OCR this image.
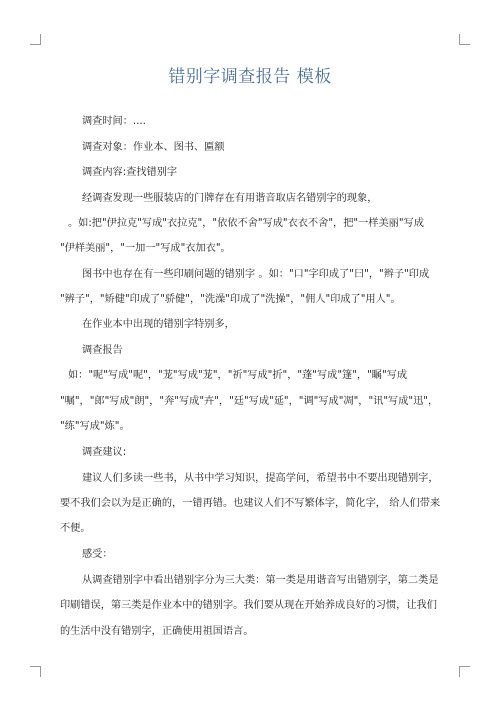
错别字调查报告 模板
调查时间：....
调查对象：作业本、图书、匾额
调查内容:查找错别字
经调查发现一些服装店的门牌存在有用谐音取店名错别字的现象，
。如:把"伊拉克"写成"衣拉克"，"依依不舍"写成"衣衣不舍"，把"一样美丽"写成
"伊样美丽"，"一加一"写成"衣加衣"。
图书中也存在有一些印刷问题的错别字 。如："口"字印成了"曰"，"辫子"印成
"辨子"，"矫健"印成了"骄健"，"洗澡"印成了"洗操"，"佣人"印成了"用人"。
在作业本中出现的错别字特别多，
调查报告
如："呢"写成"呢"，"茏"写成"茏"，"祈"写成"折"，"蓬"写成"篷"，"瞩"写成
"嘱"，"郎"写成"朗"，"奔"写成"卉"，"廷"写成"延"，"调"写成"凋"，"讯"写成"迅"，
"练"写成"炼"。
调查建议:
建议人们多读一些书，从书中学习知识，提高学问，希望书中不要出现错别字，
要不我们会以为是正确的，一错再错。也建议人们不写繁体字，简化字， 给人们带来
不便。
感受：
从调查错别字中看出错别字分为三大类：第一类是用谐音写出错别字，第二类是
印刷错误，第三类是作业本中的错别字。我们要从现在开始养成良好的习惯，让我们
的生活中没有错别字，正确使用祖国语言。
